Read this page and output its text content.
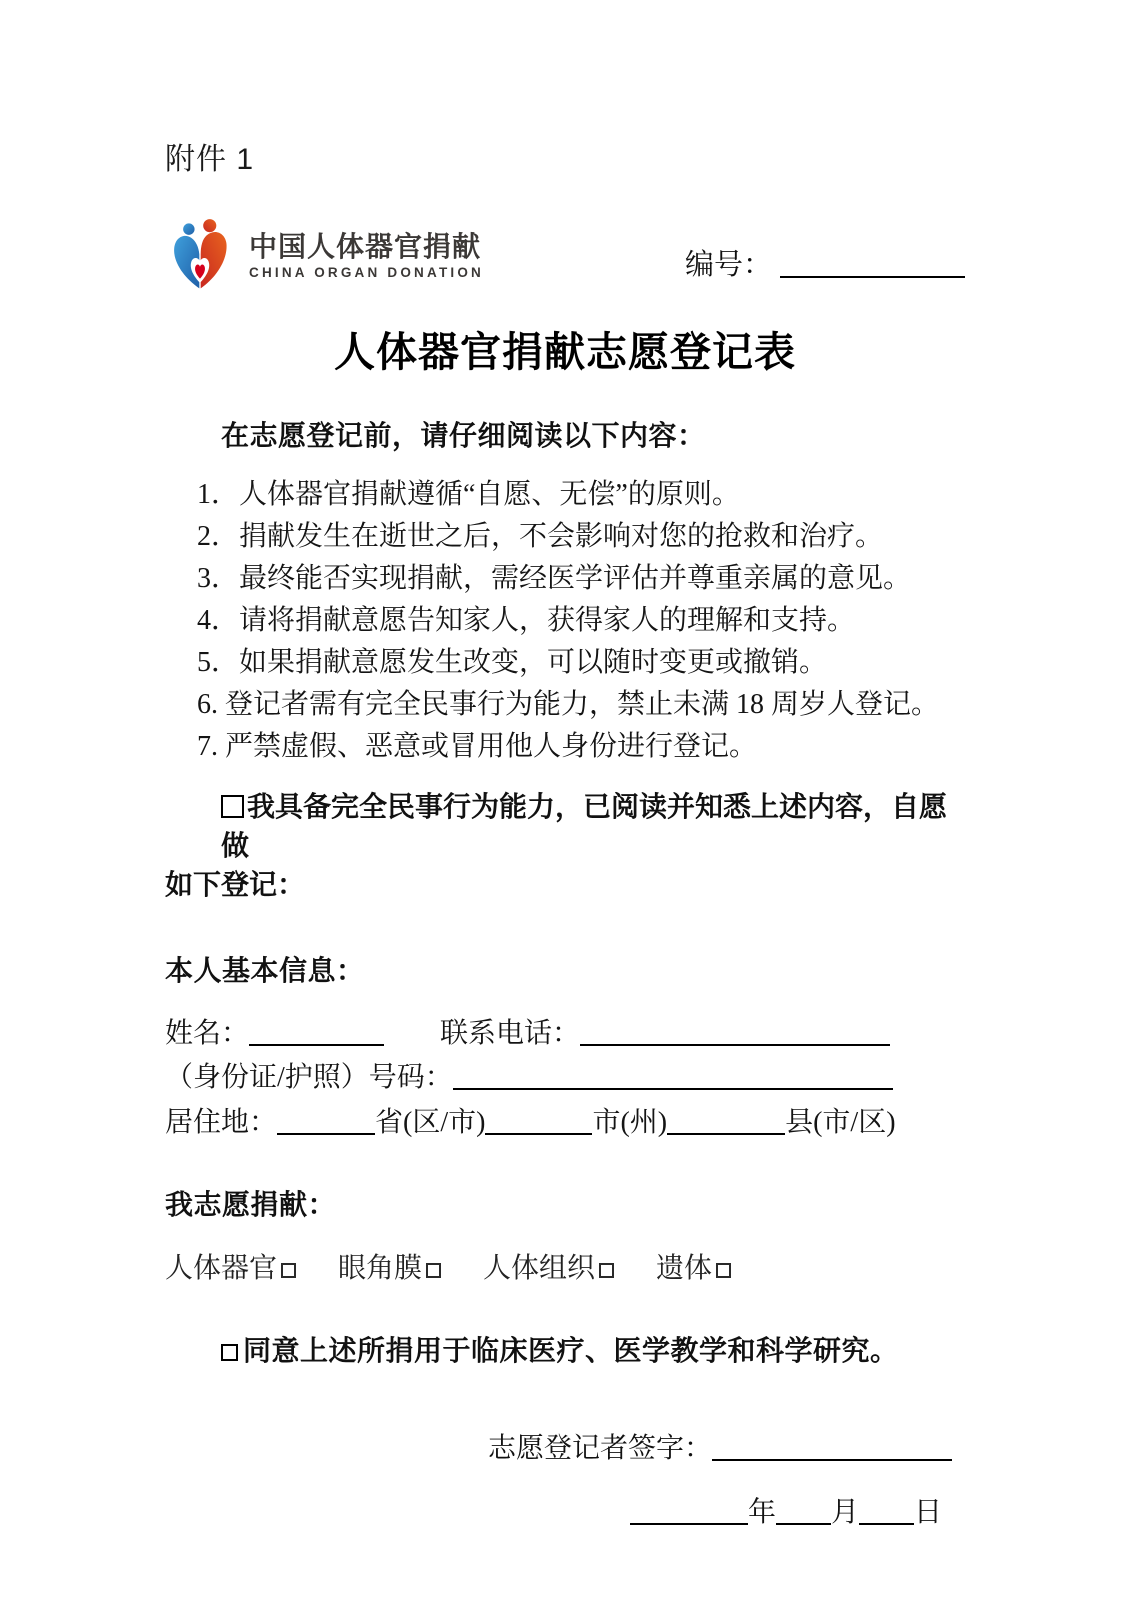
附件 1
中国人体器官捐献
CHINA ORGAN DONATION	编号：
人体器官捐献志愿登记表
在志愿登记前，请仔细阅读以下内容：
1．人体器官捐献遵循“自愿、无偿”的原则。
2．捐献发生在逝世之后，不会影响对您的抢救和治疗。
3．最终能否实现捐献，需经医学评估并尊重亲属的意见。
4．请将捐献意愿告知家人，获得家人的理解和支持。
5．如果捐献意愿发生改变，可以随时变更或撤销。
6. 登记者需有完全民事行为能力，禁止未满 18 周岁人登记。
7. 严禁虚假、恶意或冒用他人身份进行登记。
我具备完全民事行为能力，已阅读并知悉上述内容，自愿做
如下登记：
本人基本信息：
姓名：	联系电话：
（身份证/护照）号码：
居住地：	省(区/市)	市(州)	县(市/区)
我志愿捐献：
人体器官	眼角膜	人体组织	遗体
同意上述所捐用于临床医疗、医学教学和科学研究。
志愿登记者签字：
年 月 日
